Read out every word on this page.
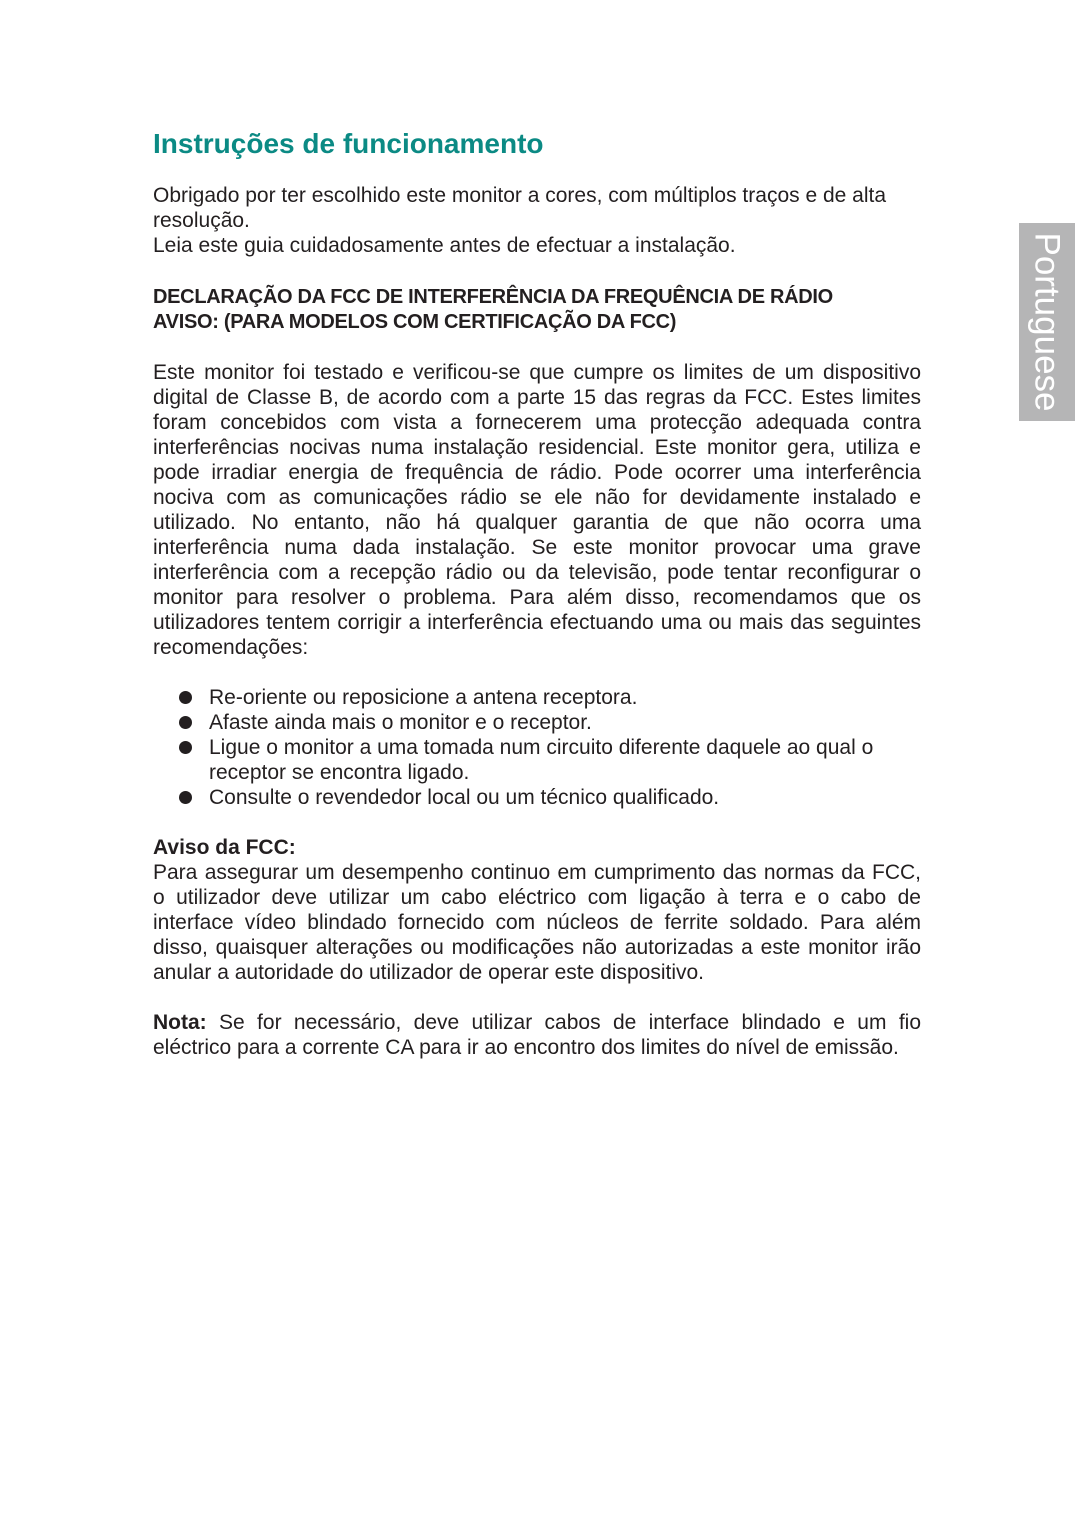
Instruções de funcionamento
Obrigado por ter escolhido este monitor a cores, com múltiplos traços e de alta resolução.
Leia este guia cuidadosamente antes de efectuar a instalação.
DECLARAÇÃO DA FCC DE INTERFERÊNCIA DA FREQUÊNCIA DE RÁDIO
AVISO: (PARA MODELOS COM CERTIFICAÇÃO DA FCC)

Este monitor foi testado e verificou-se que cumpre os limites de um dispositivo digital de Classe B, de acordo com a parte 15 das regras da FCC. Estes limites foram concebidos com vista a fornecerem uma protecção adequada contra interferências nocivas numa instalação residencial. Este monitor gera, utiliza e pode irradiar energia de frequência de rádio. Pode ocorrer uma interferência nociva com as comunicações rádio se ele não for devidamente instalado e utilizado. No entanto, não há qualquer garantia de que não ocorra uma interferência numa dada instalação. Se este monitor provocar uma grave interferência com a recepção rádio ou da televisão, pode tentar reconfigurar o monitor para resolver o problema. Para além disso, recomendamos que os utilizadores tentem corrigir a interferência efectuando uma ou mais das seguintes recomendações:

Re-oriente ou reposicione a antena receptora.
Afaste ainda mais o monitor e o receptor.
Ligue o monitor a uma tomada num circuito diferente daquele ao qual o receptor se encontra ligado.
Consulte o revendedor local ou um técnico qualificado.
Aviso da FCC:
Para assegurar um desempenho continuo em cumprimento das normas da FCC, o utilizador deve utilizar um cabo eléctrico com ligação à terra e o cabo de interface vídeo blindado fornecido com núcleos de ferrite soldado. Para além disso, quaisquer alterações ou modificações não autorizadas a este monitor irão anular a autoridade do utilizador de operar este dispositivo.

Nota: Se for necessário, deve utilizar cabos de interface blindado e um fio eléctrico para a corrente CA para ir ao encontro dos limites do nível de emissão.

Portuguese
